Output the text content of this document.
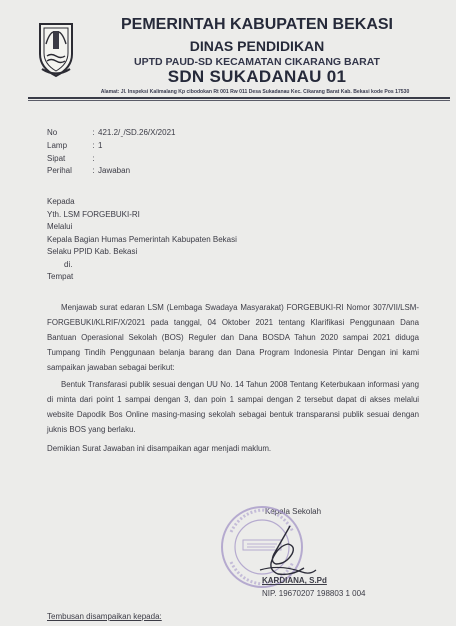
PEMERINTAH KABUPATEN BEKASI
DINAS PENDIDIKAN
UPTD PAUD-SD KECAMATAN CIKARANG BARAT
SDN SUKADANAU 01
Alamat: Jl. Inspeksi Kalimalang Kp cibodokan Rt 001 Rw 011 Desa Sukadanau Kec. Cikarang Barat Kab. Bekasi kode Pos 17530
No	: 421.2/ ̱ /SD.26/X/2021
Lamp	: 1
Sipat	:
Perihal	: Jawaban
Kepada
Yth. LSM FORGEBUKI-RI
Melalui
Kepala Bagian Humas Pemerintah Kabupaten Bekasi
Selaku PPID Kab. Bekasi
di.
Tempat
Menjawab surat edaran LSM (Lembaga Swadaya Masyarakat) FORGEBUKI-RI Nomor 307/VII/LSM- FORGEBUKI/KLRIF/X/2021 pada tanggal, 04 Oktober 2021 tentang Klarifikasi Penggunaan Dana Bantuan Operasional Sekolah (BOS) Reguler dan Dana BOSDA Tahun 2020 sampai 2021 diduga Tumpang Tindih Penggunaan belanja barang dan Dana Program Indonesia Pintar Dengan ini kami sampaikan jawaban sebagai berikut:
Bentuk Transfarasi publik sesuai dengan UU No. 14 Tahun 2008 Tentang Keterbukaan informasi yang di minta dari point 1 sampai dengan 3, dan poin 1 sampai dengan 2 tersebut dapat di akses melalui website Dapodik Bos Online masing-masing sekolah sebagai bentuk transparansi publik sesuai dengan juknis BOS yang berlaku.
Demikian Surat Jawaban ini disampaikan agar menjadi maklum.
Kepala Sekolah
KARDIANA, S.Pd
NIP. 19670207 198803 1 004
Tembusan disampaikan kepada:
